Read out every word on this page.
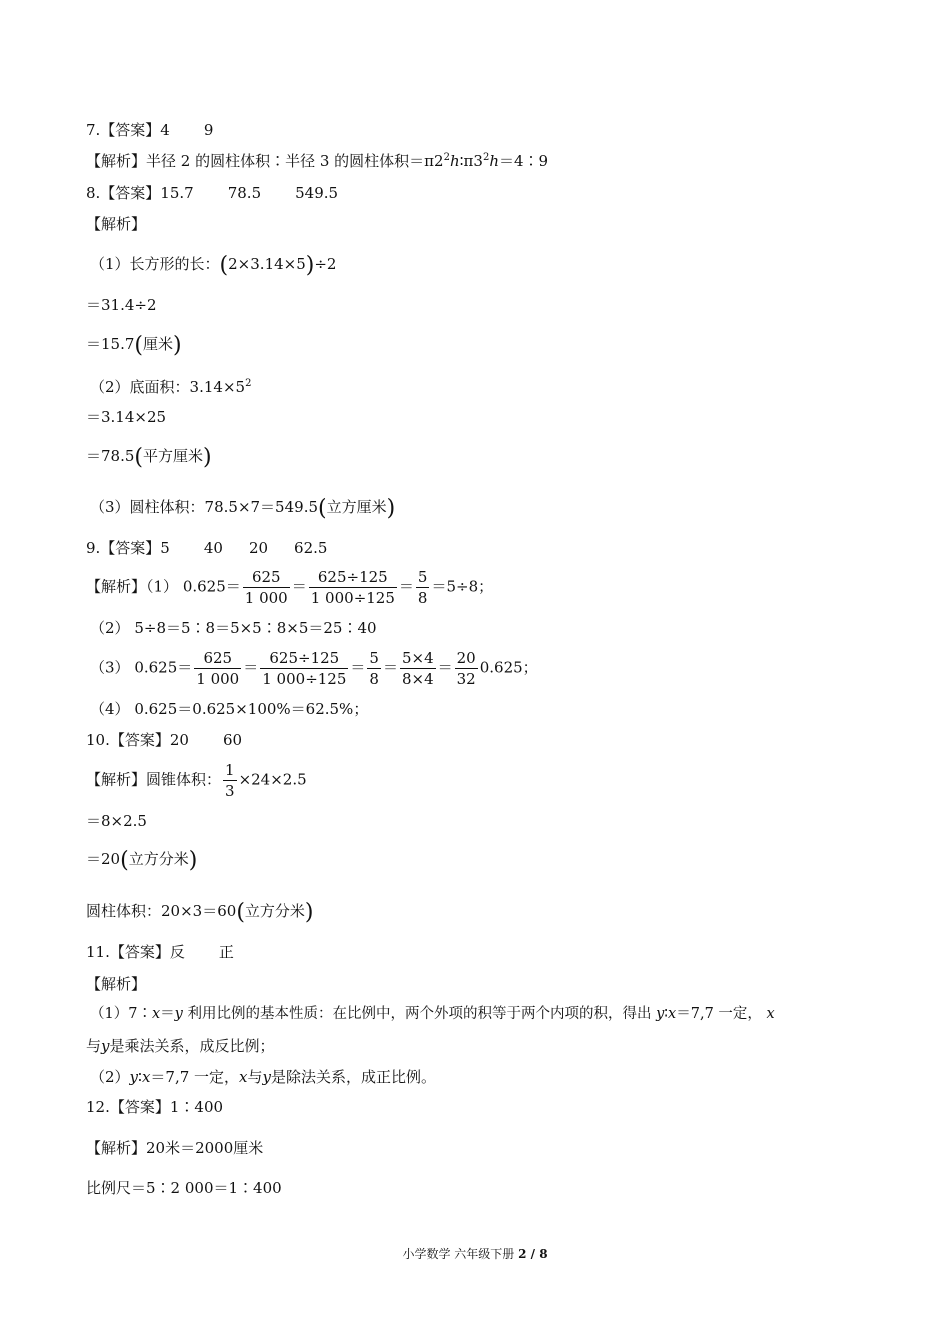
7.【答案】4 9
【解析】半径 2 的圆柱体积∶半径 3 的圆柱体积$=\pi 2^2h∶\pi 3^2h=4∶9$
8.【答案】15.7 78.5 549.5
【解析】
（1）长方形的长：(2×3.14×5)÷2
＝31.4÷2
＝15.7(厘米)
（2）底面积：$3.14\times 5^2$
＝3.14×25
＝78.5(平方厘米)
（3）圆柱体积：78.5×7＝549.5(立方厘米)
9.【答案】5 40 20 62.5
【解析】（1） $0.625= \frac{625}{1 000} = \frac{625\div 125}{1 000\div 125} = \frac{5}{8} =5\div 8$；
（2） 5÷8＝5∶8＝5×5∶8×5＝25∶40
（3） $0.625= \frac{625}{1 000} = \frac{625\div 125}{1 000\div 125} = \frac{5}{8} = \frac{5\times 4}{8\times 4} = \frac{20}{32} 0.625$；
（4） 0.625＝0.625×100%＝62.5%；
10.【答案】20 60
【解析】圆锥体积： $\frac{1}{3} \times 24\times 2.5$
＝8×2.5
＝20(立方分米)
圆柱体积：20×3＝60(立方分米)
11.【答案】反 正
【解析】
（1）7∶x＝y 利用比例的基本性质：在比例中，两个外项的积等于两个内项的积，得出 y∶x＝7,7 一定， x
与y是乘法关系，成反比例；
（2）y∶x＝7,7 一定，x与y是除法关系，成正比例。
12.【答案】1∶400
【解析】20米＝2000厘米
比例尺＝5∶2 000＝1∶400
小学数学 六年级下册 2 / 8
